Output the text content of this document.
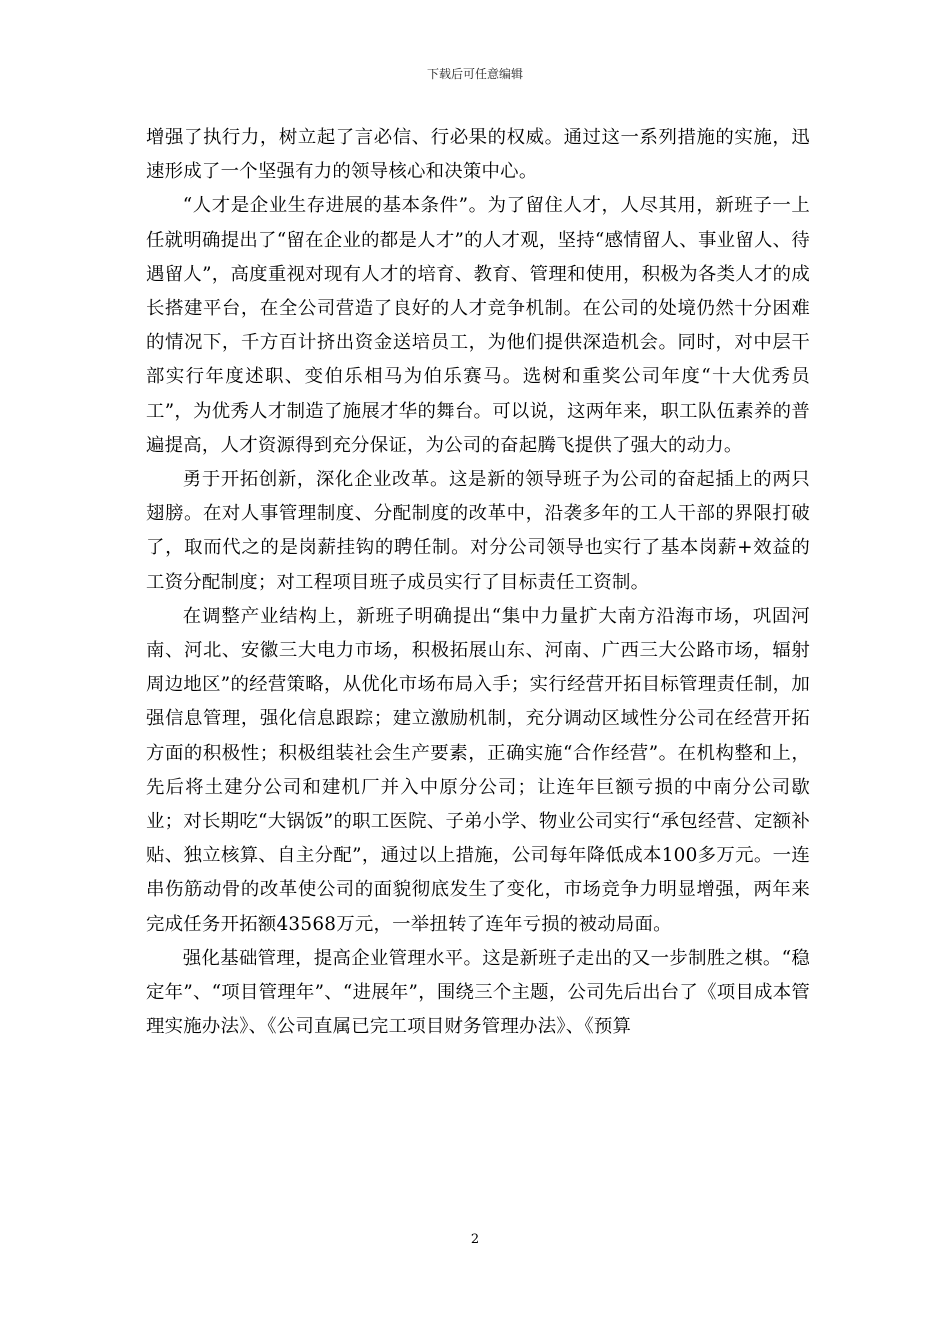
下载后可任意编辑

增强了执行力，树立起了言必信、行必果的权威。通过这一系列措施的实施，迅速形成了一个坚强有力的领导核心和决策中心。

“人才是企业生存进展的基本条件”。为了留住人才，人尽其用，新班子一上任就明确提出了“留在企业的都是人才”的人才观，坚持“感情留人、事业留人、待遇留人”，高度重视对现有人才的培育、教育、管理和使用，积极为各类人才的成长搭建平台，在全公司营造了良好的人才竞争机制。在公司的处境仍然十分困难的情况下，千方百计挤出资金送培员工，为他们提供深造机会。同时，对中层干部实行年度述职、变伯乐相马为伯乐赛马。选树和重奖公司年度“十大优秀员工”，为优秀人才制造了施展才华的舞台。可以说，这两年来，职工队伍素养的普遍提高，人才资源得到充分保证，为公司的奋起腾飞提供了强大的动力。

勇于开拓创新，深化企业改革。这是新的领导班子为公司的奋起插上的两只翅膀。在对人事管理制度、分配制度的改革中，沿袭多年的工人干部的界限打破了，取而代之的是岗薪挂钩的聘任制。对分公司领导也实行了基本岗薪+效益的工资分配制度；对工程项目班子成员实行了目标责任工资制。

在调整产业结构上，新班子明确提出“集中力量扩大南方沿海市场，巩固河南、河北、安徽三大电力市场，积极拓展山东、河南、广西三大公路市场，辐射周边地区”的经营策略，从优化市场布局入手；实行经营开拓目标管理责任制，加强信息管理，强化信息跟踪；建立激励机制，充分调动区域性分公司在经营开拓方面的积极性；积极组装社会生产要素，正确实施“合作经营”。在机构整和上，先后将土建分公司和建机厂并入中原分公司；让连年巨额亏损的中南分公司歇业；对长期吃“大锅饭”的职工医院、子弟小学、物业公司实行“承包经营、定额补贴、独立核算、自主分配”，通过以上措施，公司每年降低成本100多万元。一连串伤筋动骨的改革使公司的面貌彻底发生了变化，市场竞争力明显增强，两年来完成任务开拓额43568万元，一举扭转了连年亏损的被动局面。

强化基础管理，提高企业管理水平。这是新班子走出的又一步制胜之棋。“稳定年”、“项目管理年”、“进展年”，围绕三个主题，公司先后出台了《项目成本管理实施办法》、《公司直属已完工项目财务管理办法》、《预算

2
